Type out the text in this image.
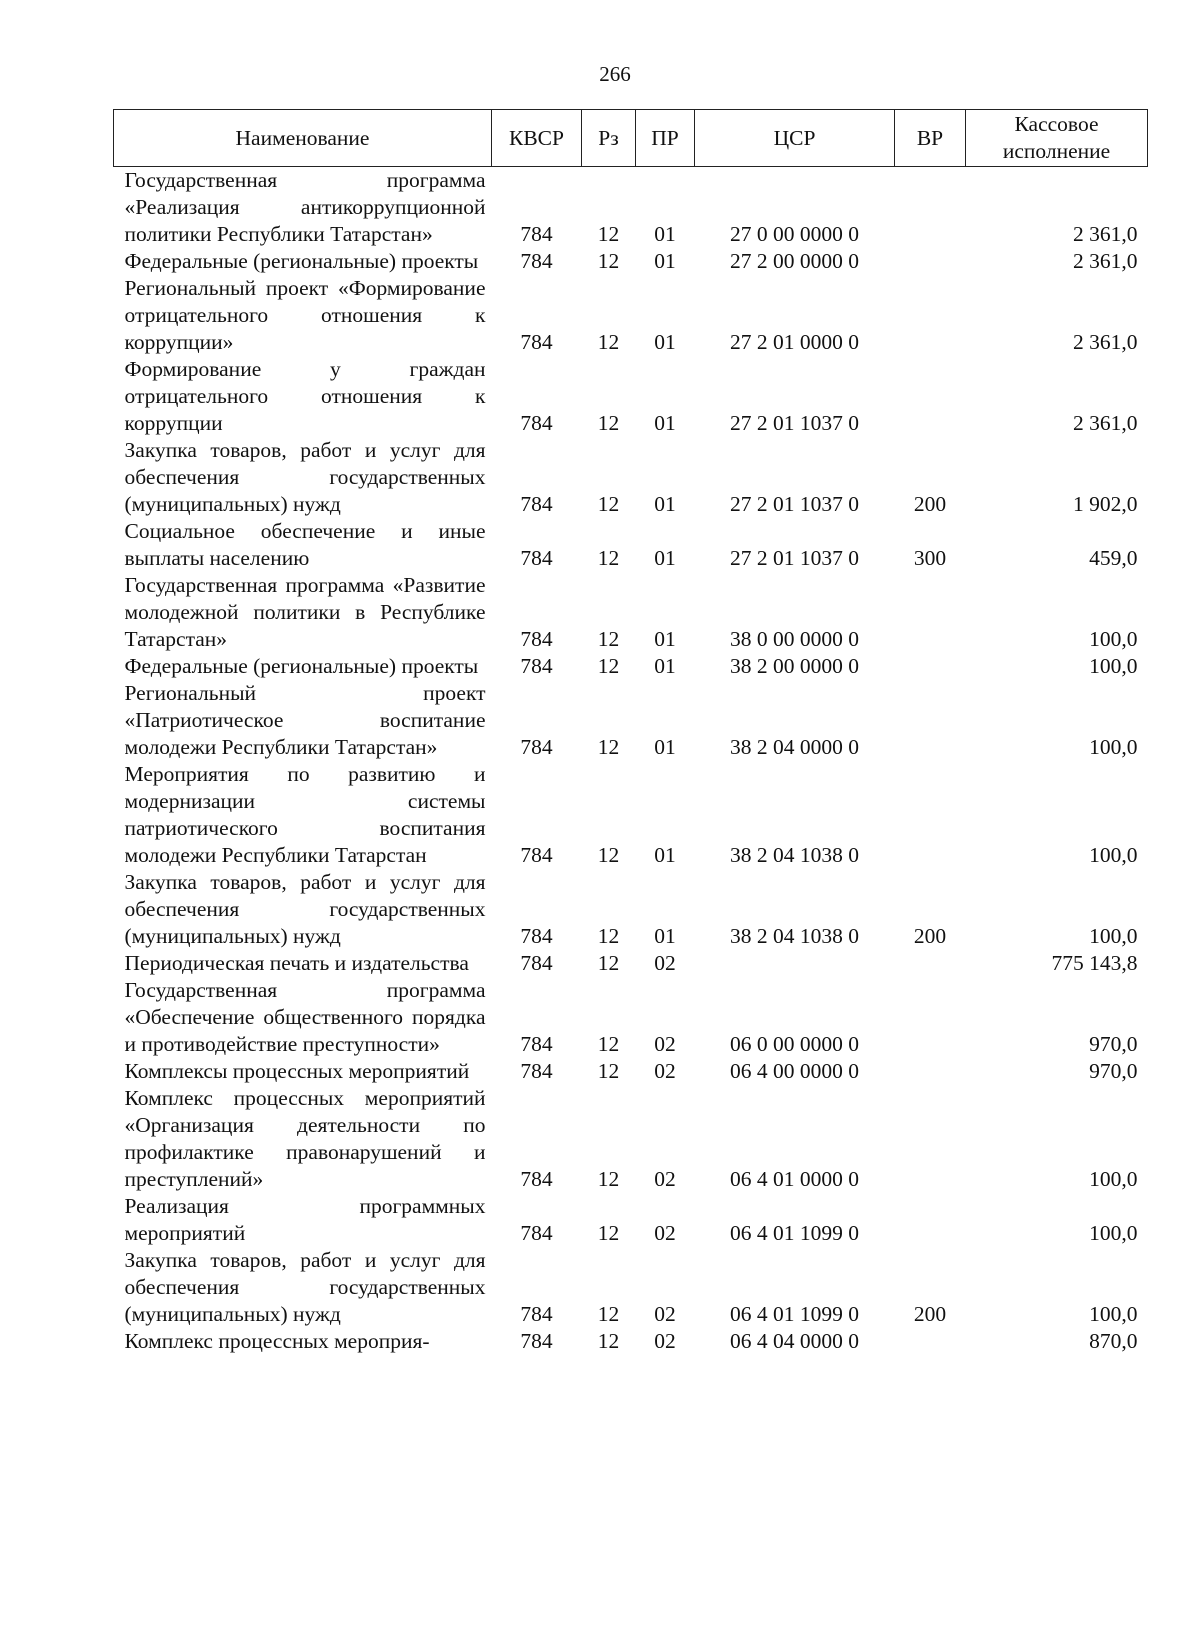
266
Наименование	КВСР	Рз	ПР	ЦСР	ВР	Кассовое исполнение
Государственная программа «Реализация антикоррупционной политики Республики Татарстан»	784	12	01	27 0 00 0000 0		2 361,0
Федеральные (региональные) проекты	784	12	01	27 2 00 0000 0		2 361,0
Региональный проект «Формирование отрицательного отношения к коррупции»	784	12	01	27 2 01 0000 0		2 361,0
Формирование у граждан отрицательного отношения к коррупции	784	12	01	27 2 01 1037 0		2 361,0
Закупка товаров, работ и услуг для обеспечения государственных (муниципальных) нужд	784	12	01	27 2 01 1037 0	200	1 902,0
Социальное обеспечение и иные выплаты населению	784	12	01	27 2 01 1037 0	300	459,0
Государственная программа «Развитие молодежной политики в Республике Татарстан»	784	12	01	38 0 00 0000 0		100,0
Федеральные (региональные) проекты	784	12	01	38 2 00 0000 0		100,0
Региональный проект «Патриотическое воспитание молодежи Республики Татарстан»	784	12	01	38 2 04 0000 0		100,0
Мероприятия по развитию и модернизации системы патриотического воспитания молодежи Республики Татарстан	784	12	01	38 2 04 1038 0		100,0
Закупка товаров, работ и услуг для обеспечения государственных (муниципальных) нужд	784	12	01	38 2 04 1038 0	200	100,0
Периодическая печать и издательства	784	12	02			775 143,8
Государственная программа «Обеспечение общественного порядка и противодействие преступности»	784	12	02	06 0 00 0000 0		970,0
Комплексы процессных мероприятий	784	12	02	06 4 00 0000 0		970,0
Комплекс процессных мероприятий «Организация деятельности по профилактике правонарушений и преступлений»	784	12	02	06 4 01 0000 0		100,0
Реализация программных мероприятий	784	12	02	06 4 01 1099 0		100,0
Закупка товаров, работ и услуг для обеспечения государственных (муниципальных) нужд	784	12	02	06 4 01 1099 0	200	100,0
Комплекс процессных мероприя-	784	12	02	06 4 04 0000 0		870,0
